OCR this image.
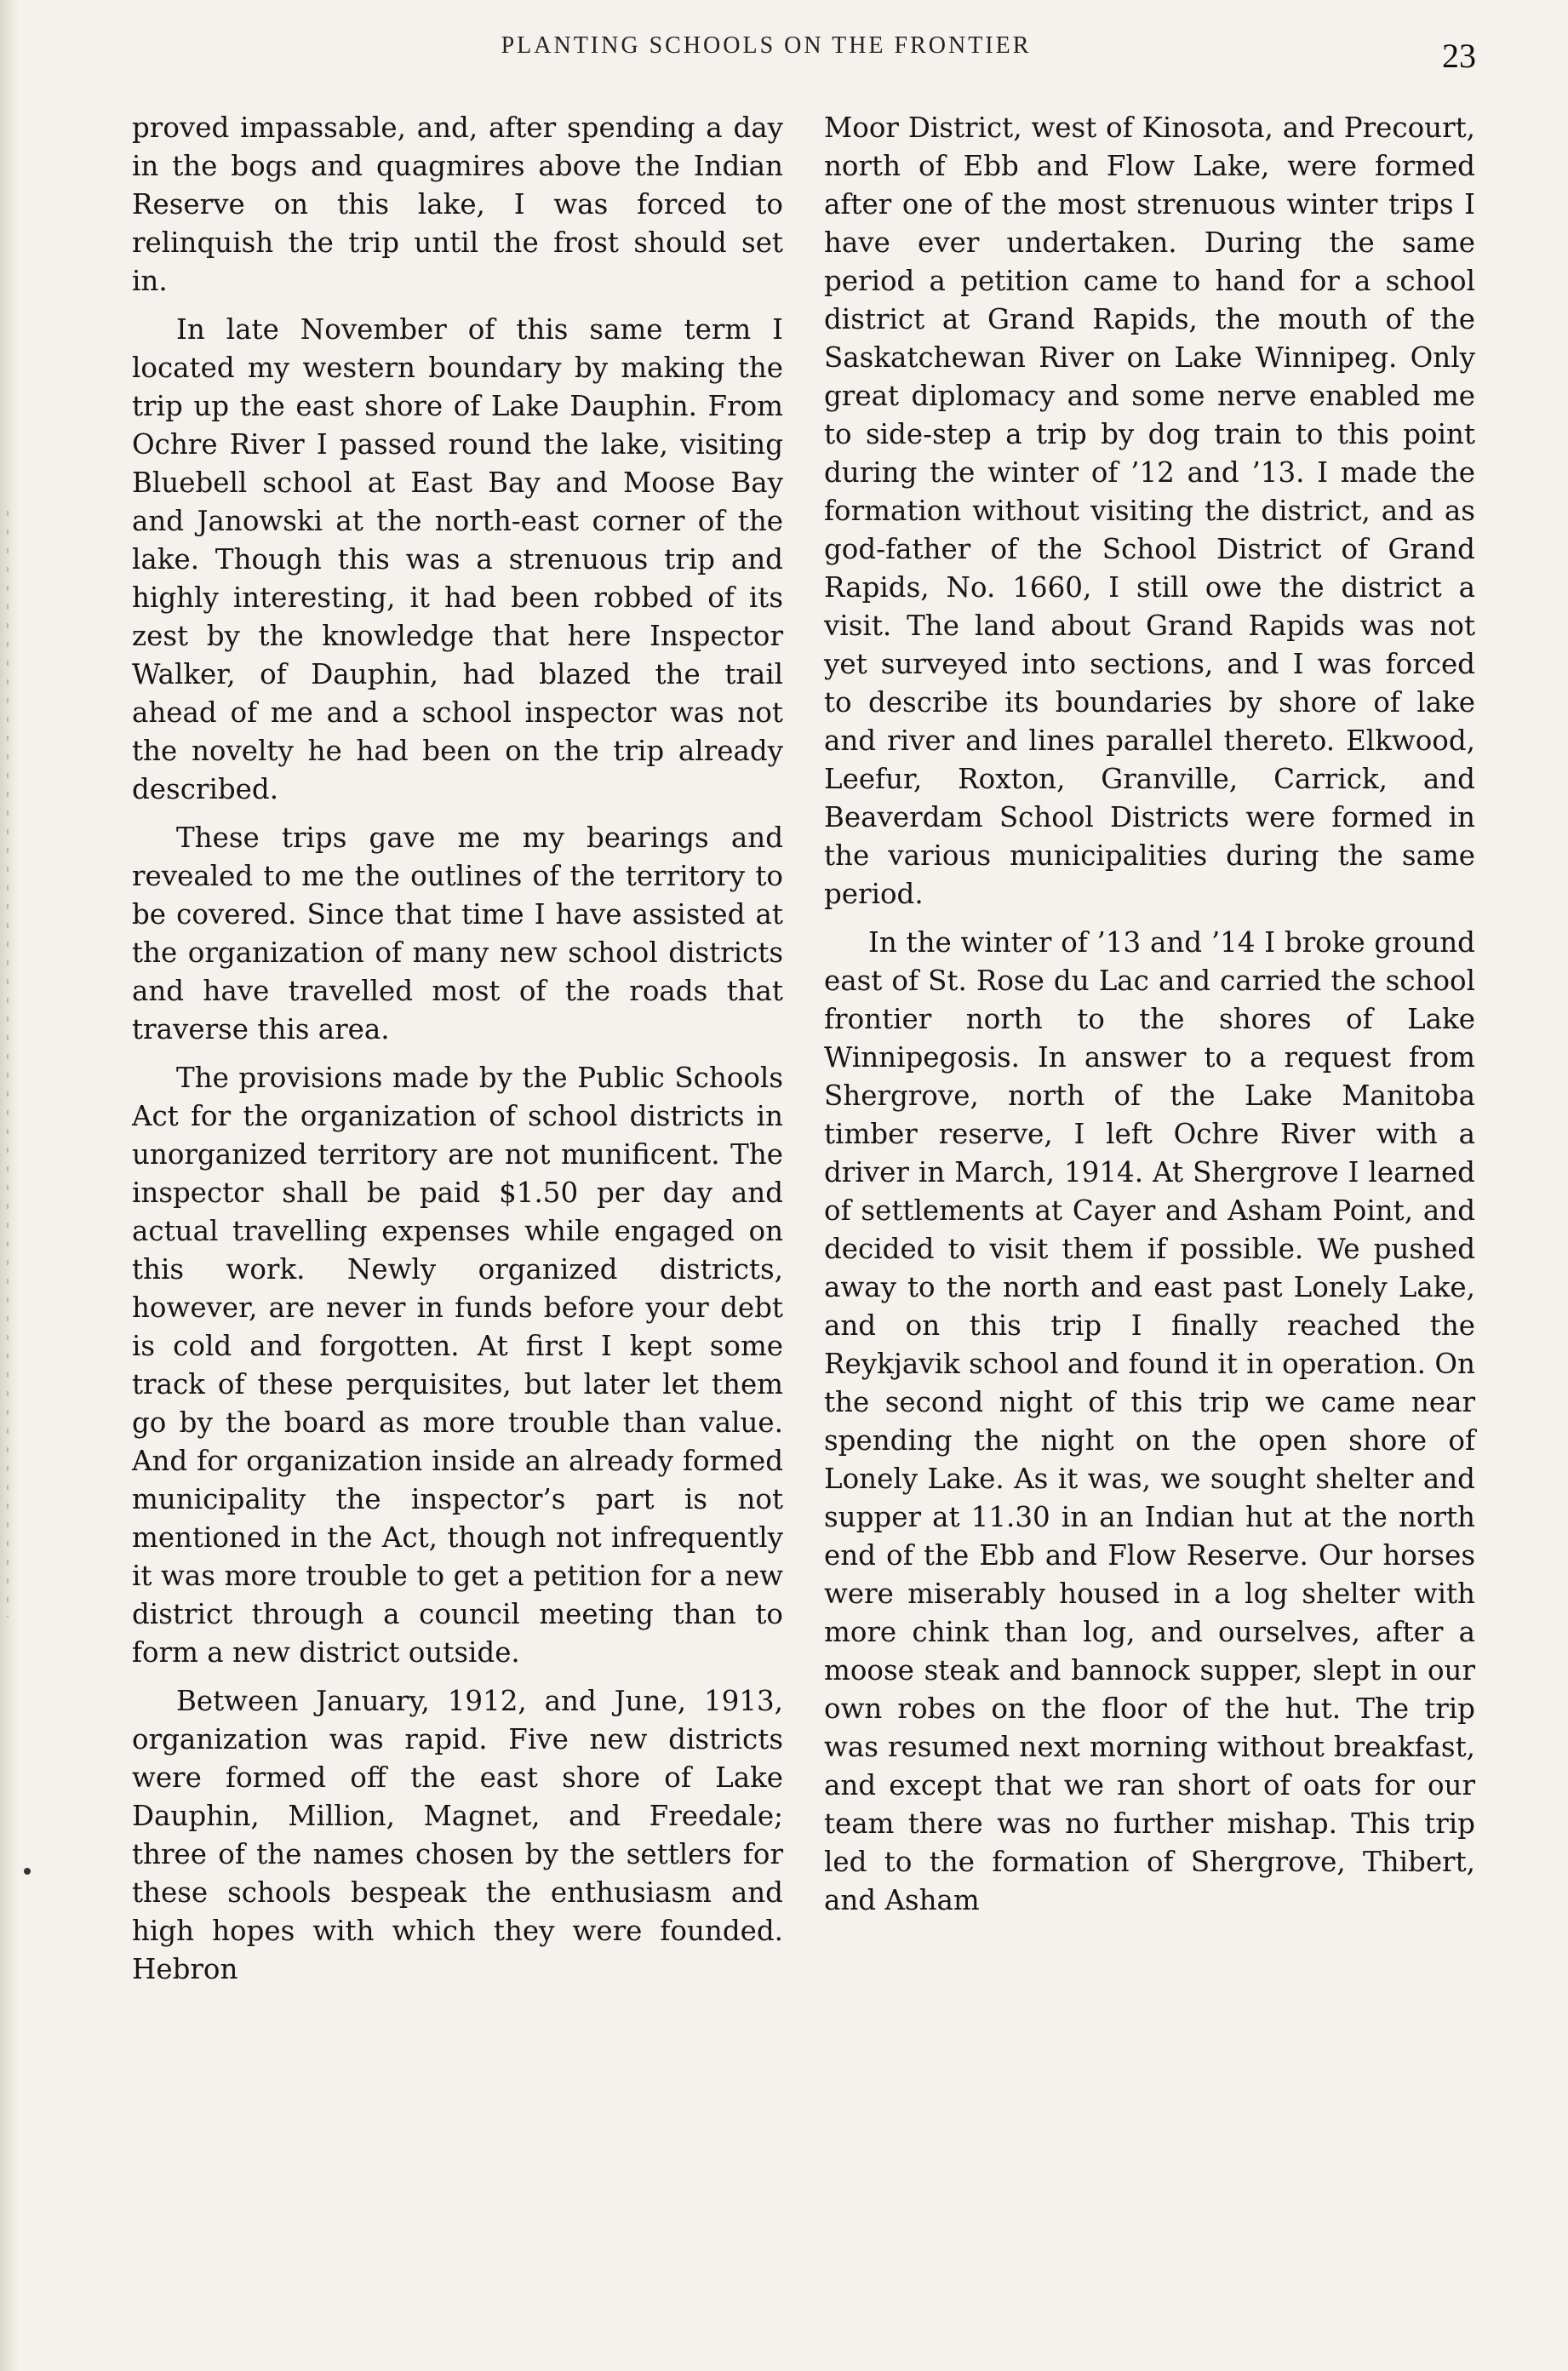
PLANTING SCHOOLS ON THE FRONTIER	23

proved impassable, and, after spending a day in the bogs and quagmires above the Indian Reserve on this lake, I was forced to relinquish the trip until the frost should set in.

In late November of this same term I located my western boundary by making the trip up the east shore of Lake Dauphin. From Ochre River I passed round the lake, visiting Bluebell school at East Bay and Moose Bay and Janowski at the north-east corner of the lake. Though this was a strenuous trip and highly interesting, it had been robbed of its zest by the knowledge that here Inspector Walker, of Dauphin, had blazed the trail ahead of me and a school inspector was not the novelty he had been on the trip already described.

These trips gave me my bearings and revealed to me the outlines of the territory to be covered. Since that time I have assisted at the organization of many new school districts and have travelled most of the roads that traverse this area.

The provisions made by the Public Schools Act for the organization of school districts in unorganized territory are not munificent. The inspector shall be paid $1.50 per day and actual travelling expenses while engaged on this work. Newly organized districts, however, are never in funds before your debt is cold and forgotten. At first I kept some track of these perquisites, but later let them go by the board as more trouble than value. And for organization inside an already formed municipality the inspector’s part is not mentioned in the Act, though not infrequently it was more trouble to get a petition for a new district through a council meeting than to form a new district outside.

Between January, 1912, and June, 1913, organization was rapid. Five new districts were formed off the east shore of Lake Dauphin, Million, Magnet, and Freedale; three of the names chosen by the settlers for these schools bespeak the enthusiasm and high hopes with which they were founded. Hebron

Moor District, west of Kinosota, and Precourt, north of Ebb and Flow Lake, were formed after one of the most strenuous winter trips I have ever undertaken. During the same period a petition came to hand for a school district at Grand Rapids, the mouth of the Saskatchewan River on Lake Winnipeg. Only great diplomacy and some nerve enabled me to side-step a trip by dog train to this point during the winter of ’12 and ’13. I made the formation without visiting the district, and as god-father of the School District of Grand Rapids, No. 1660, I still owe the district a visit. The land about Grand Rapids was not yet surveyed into sections, and I was forced to describe its boundaries by shore of lake and river and lines parallel thereto. Elkwood, Leefur, Roxton, Granville, Carrick, and Beaverdam School Districts were formed in the various municipalities during the same period.

In the winter of ’13 and ’14 I broke ground east of St. Rose du Lac and carried the school frontier north to the shores of Lake Winnipegosis. In answer to a request from Shergrove, north of the Lake Manitoba timber reserve, I left Ochre River with a driver in March, 1914. At Shergrove I learned of settlements at Cayer and Asham Point, and decided to visit them if possible. We pushed away to the north and east past Lonely Lake, and on this trip I finally reached the Reykjavik school and found it in operation. On the second night of this trip we came near spending the night on the open shore of Lonely Lake. As it was, we sought shelter and supper at 11.30 in an Indian hut at the north end of the Ebb and Flow Reserve. Our horses were miserably housed in a log shelter with more chink than log, and ourselves, after a moose steak and bannock supper, slept in our own robes on the floor of the hut. The trip was resumed next morning without breakfast, and except that we ran short of oats for our team there was no further mishap. This trip led to the formation of Shergrove, Thibert, and Asham
